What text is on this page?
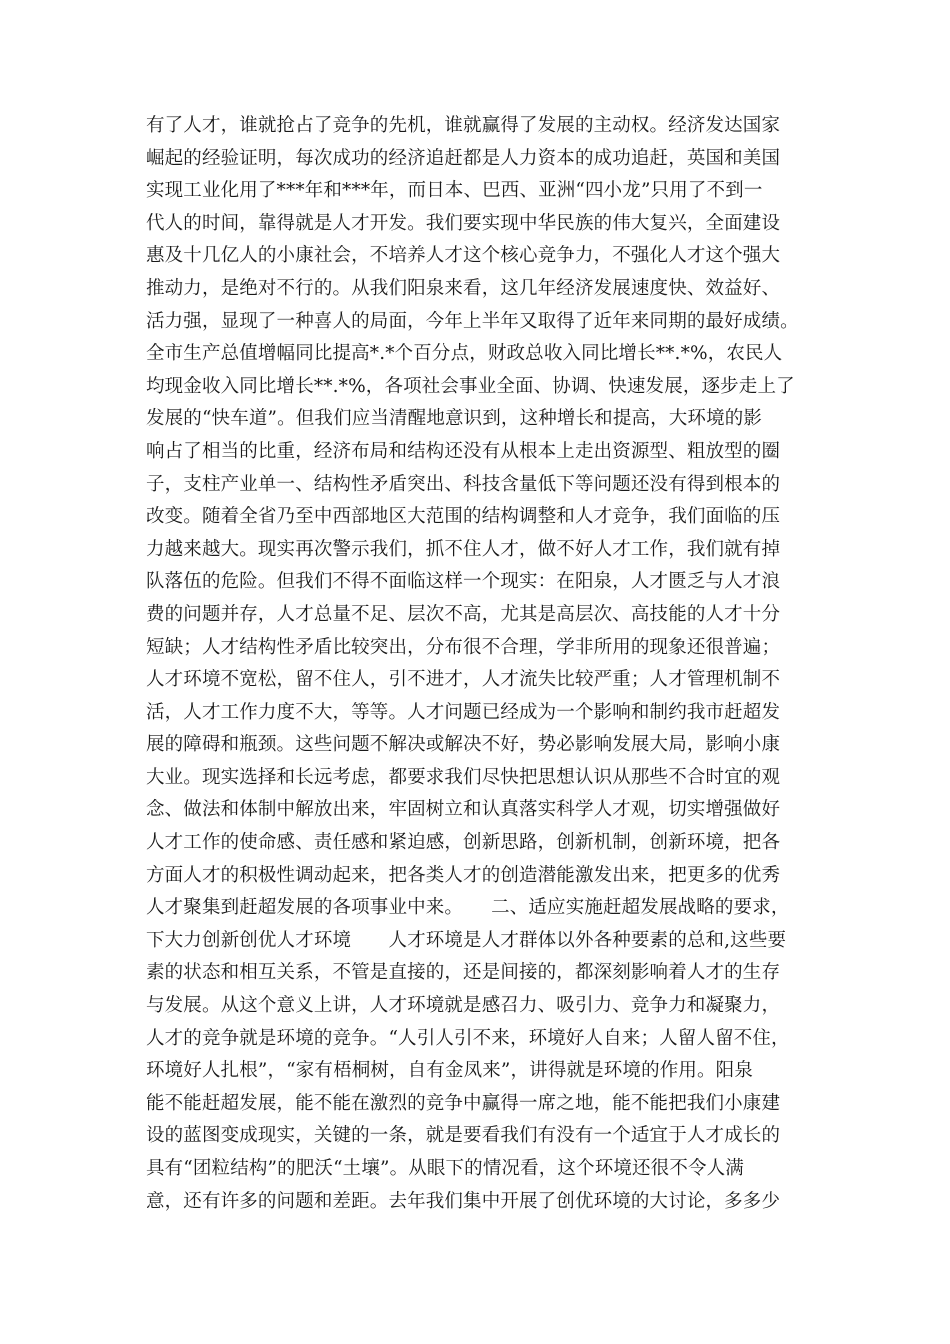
有了人才，谁就抢占了竞争的先机，谁就赢得了发展的主动权。经济发达国家
崛起的经验证明，每次成功的经济追赶都是人力资本的成功追赶，英国和美国
实现工业化用了***年和***年，而日本、巴西、亚洲“四小龙”只用了不到一
代人的时间，靠得就是人才开发。我们要实现中华民族的伟大复兴，全面建设
惠及十几亿人的小康社会，不培养人才这个核心竞争力，不强化人才这个强大
推动力，是绝对不行的。从我们阳泉来看，这几年经济发展速度快、效益好、
活力强，显现了一种喜人的局面，今年上半年又取得了近年来同期的最好成绩。
全市生产总值增幅同比提高*.*个百分点，财政总收入同比增长**.*%，农民人
均现金收入同比增长**.*%，各项社会事业全面、协调、快速发展，逐步走上了
发展的“快车道”。但我们应当清醒地意识到，这种增长和提高，大环境的影
响占了相当的比重，经济布局和结构还没有从根本上走出资源型、粗放型的圈
子，支柱产业单一、结构性矛盾突出、科技含量低下等问题还没有得到根本的
改变。随着全省乃至中西部地区大范围的结构调整和人才竞争，我们面临的压
力越来越大。现实再次警示我们，抓不住人才，做不好人才工作，我们就有掉
队落伍的危险。但我们不得不面临这样一个现实：在阳泉，人才匮乏与人才浪
费的问题并存，人才总量不足、层次不高，尤其是高层次、高技能的人才十分
短缺；人才结构性矛盾比较突出，分布很不合理，学非所用的现象还很普遍；
人才环境不宽松，留不住人，引不进才，人才流失比较严重；人才管理机制不
活，人才工作力度不大，等等。人才问题已经成为一个影响和制约我市赶超发
展的障碍和瓶颈。这些问题不解决或解决不好，势必影响发展大局，影响小康
大业。现实选择和长远考虑，都要求我们尽快把思想认识从那些不合时宜的观
念、做法和体制中解放出来，牢固树立和认真落实科学人才观，切实增强做好
人才工作的使命感、责任感和紧迫感，创新思路，创新机制，创新环境，把各
方面人才的积极性调动起来，把各类人才的创造潜能激发出来，把更多的优秀
人才聚集到赶超发展的各项事业中来。　　二、适应实施赶超发展战略的要求，
下大力创新创优人才环境　　人才环境是人才群体以外各种要素的总和,这些要
素的状态和相互关系，不管是直接的，还是间接的，都深刻影响着人才的生存
与发展。从这个意义上讲，人才环境就是感召力、吸引力、竞争力和凝聚力，
人才的竞争就是环境的竞争。“人引人引不来，环境好人自来；人留人留不住，
环境好人扎根”，“家有梧桐树，自有金凤来”，讲得就是环境的作用。阳泉
能不能赶超发展，能不能在激烈的竞争中赢得一席之地，能不能把我们小康建
设的蓝图变成现实，关键的一条，就是要看我们有没有一个适宜于人才成长的
具有“团粒结构”的肥沃“土壤”。从眼下的情况看，这个环境还很不令人满
意，还有许多的问题和差距。去年我们集中开展了创优环境的大讨论，多多少
